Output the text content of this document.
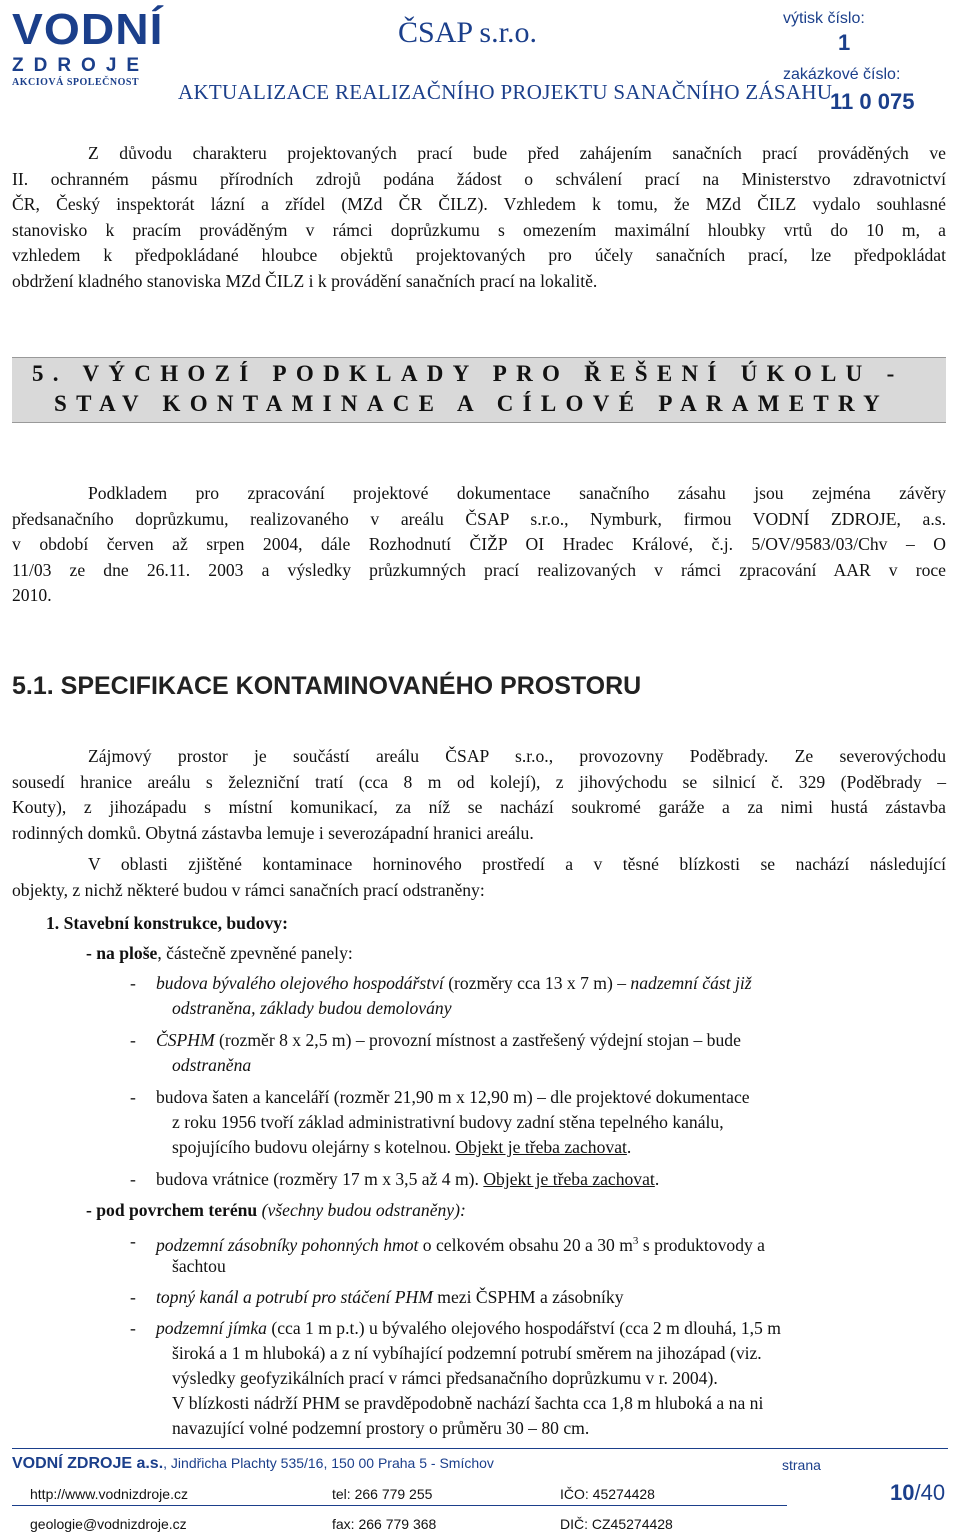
VODNÍ
ZDROJE
AKCIOVÁ SPOLEČNOST
ČSAP s.r.o.
AKTUALIZACE REALIZAČNÍHO PROJEKTU SANAČNÍHO ZÁSAHU
výtisk číslo:
1
zakázkové číslo:
11 0 075
Z důvodu charakteru projektovaných prací bude před zahájením sanačních prací prováděných ve
II. ochranném pásmu přírodních zdrojů podána žádost o schválení prací na Ministerstvo zdravotnictví
ČR, Český inspektorát lázní a zřídel (MZd ČR ČILZ). Vzhledem k tomu, že MZd ČILZ vydalo souhlasné
stanovisko k pracím prováděným v rámci doprůzkumu s omezením maximální hloubky vrtů do 10 m, a
vzhledem k předpokládané hloubce objektů projektovaných pro účely sanačních prací, lze předpokládat
obdržení kladného stanoviska MZd ČILZ i k provádění sanačních prací na lokalitě.
5. VÝCHOZÍ PODKLADY PRO ŘEŠENÍ ÚKOLU -
STAV KONTAMINACE A CÍLOVÉ PARAMETRY
Podkladem pro zpracování projektové dokumentace sanačního zásahu jsou zejména závěry
předsanačního doprůzkumu, realizovaného v areálu ČSAP s.r.o., Nymburk, firmou VODNÍ ZDROJE, a.s.
v období červen až srpen 2004, dále Rozhodnutí ČIŽP OI Hradec Králové, č.j. 5/OV/9583/03/Chv – O
11/03 ze dne 26.11. 2003 a výsledky průzkumných prací realizovaných v rámci zpracování AAR v roce
2010.
5.1. SPECIFIKACE KONTAMINOVANÉHO PROSTORU
Zájmový prostor je součástí areálu ČSAP s.r.o., provozovny Poděbrady. Ze severovýchodu
sousedí hranice areálu s železniční tratí (cca 8 m od kolejí), z jihovýchodu se silnicí č. 329 (Poděbrady –
Kouty), z jihozápadu s místní komunikací, za níž se nachází soukromé garáže a za nimi hustá zástavba
rodinných domků. Obytná zástavba lemuje i severozápadní hranici areálu.
V oblasti zjištěné kontaminace horninového prostředí a v těsné blízkosti se nachází následující
objekty, z nichž některé budou v rámci sanačních prací odstraněny:
1. Stavební konstrukce, budovy:
- na ploše, částečně zpevněné panely:
- budova bývalého olejového hospodářství (rozměry cca 13 x 7 m) – nadzemní část již
odstraněna, základy budou demolovány
- ČSPHM (rozměr 8 x 2,5 m) – provozní místnost a zastřešený výdejní stojan – bude
odstraněna
- budova šaten a kanceláří (rozměr 21,90 m x 12,90 m) – dle projektové dokumentace
z roku 1956 tvoří základ administrativní budovy zadní stěna tepelného kanálu,
spojujícího budovu olejárny s kotelnou. Objekt je třeba zachovat.
- budova vrátnice (rozměry 17 m x 3,5 až 4 m). Objekt je třeba zachovat.
- pod povrchem terénu (všechny budou odstraněny):
- podzemní zásobníky pohonných hmot o celkovém obsahu 20 a 30 $m^3$ s produktovody a
šachtou
- topný kanál a potrubí pro stáčení PHM mezi ČSPHM a zásobníky
- podzemní jímka (cca 1 m p.t.) u bývalého olejového hospodářství (cca 2 m dlouhá, 1,5 m
široká a 1 m hluboká) a z ní vybíhající podzemní potrubí směrem na jihozápad (viz.
výsledky geofyzikálních prací v rámci předsanačního doprůzkumu v r. 2004).
V blízkosti nádrží PHM se pravděpodobně nachází šachta cca 1,8 m hluboká a na ni
navazující volné podzemní prostory o průměru 30 – 80 cm.
VODNÍ ZDROJE a.s., Jindřicha Plachty 535/16, 150 00 Praha 5 - Smíchov	strana
10/40
http://www.vodnizdroje.cz	tel: 266 779 255	IČO: 45274428
geologie@vodnizdroje.cz	fax: 266 779 368	DIČ: CZ45274428
